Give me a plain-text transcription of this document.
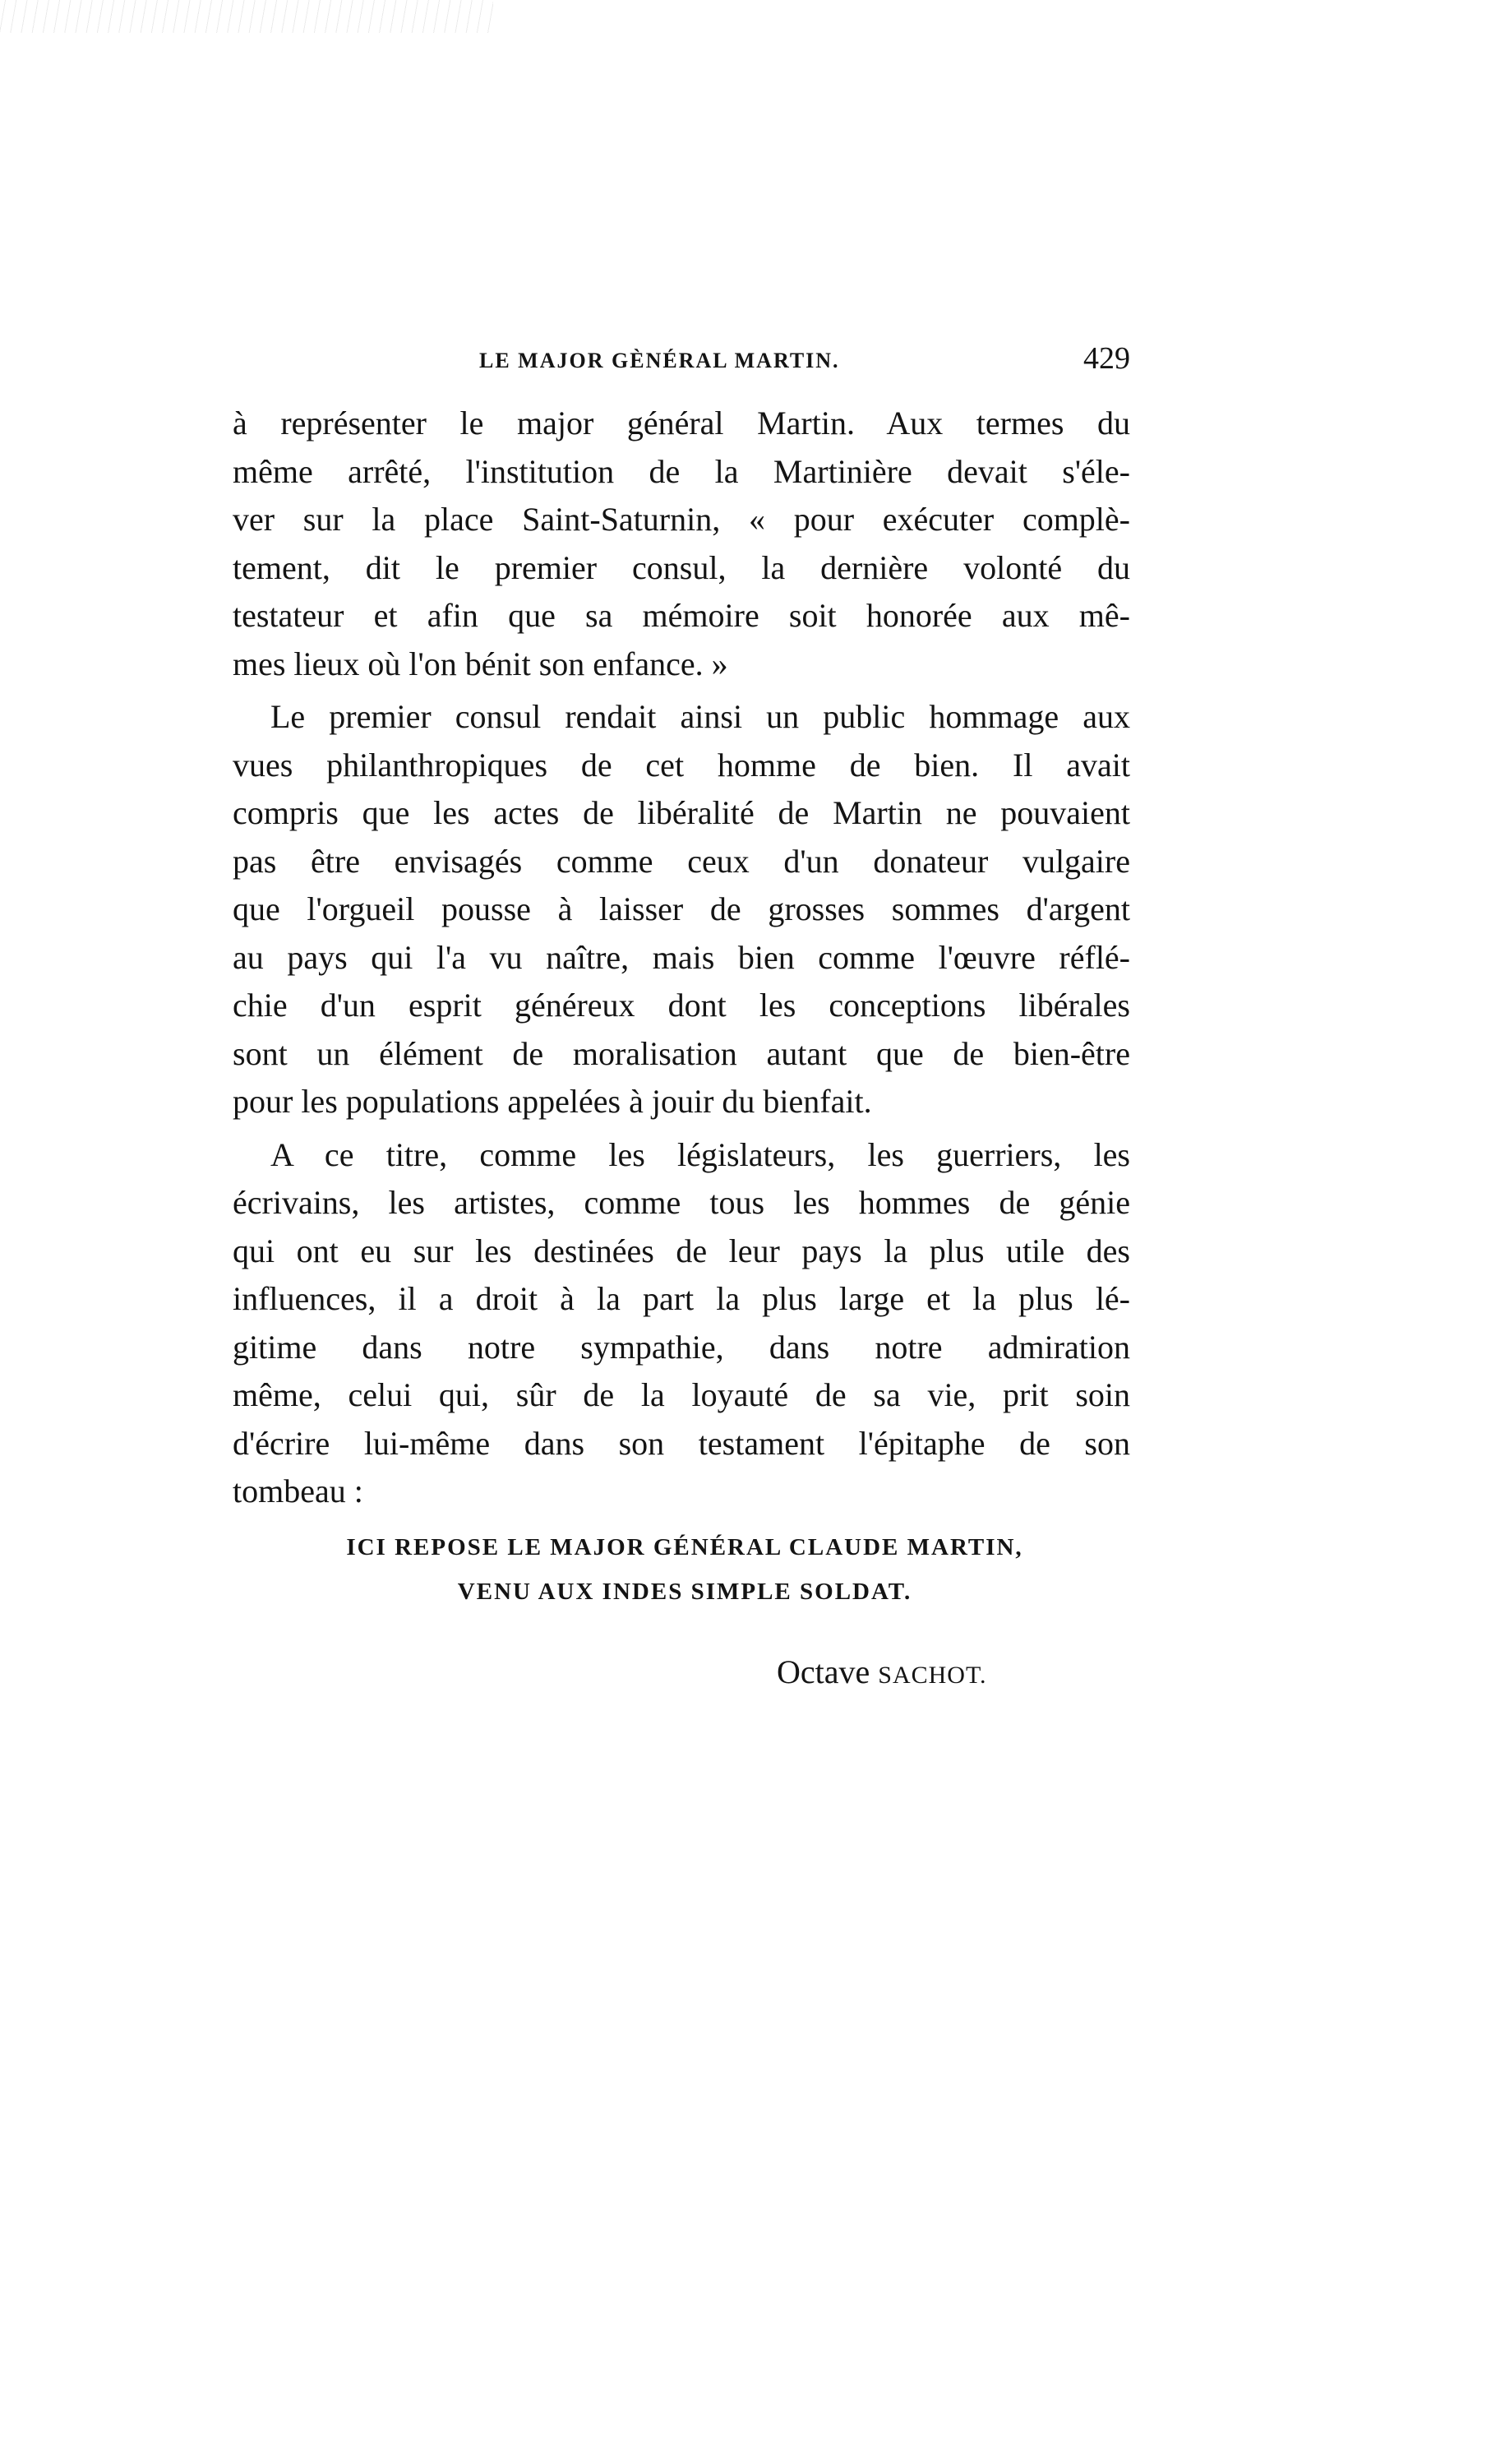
LE MAJOR GÈNÉRAL MARTIN.	429
à représenter le major général Martin. Aux termes du
même arrêté, l'institution de la Martinière devait s'éle-
ver sur la place Saint-Saturnin, « pour exécuter complè-
tement, dit le premier consul, la dernière volonté du
testateur et afin que sa mémoire soit honorée aux mê-
mes lieux où l'on bénit son enfance. »
Le premier consul rendait ainsi un public hommage aux
vues philanthropiques de cet homme de bien. Il avait
compris que les actes de libéralité de Martin ne pouvaient
pas être envisagés comme ceux d'un donateur vulgaire
que l'orgueil pousse à laisser de grosses sommes d'argent
au pays qui l'a vu naître, mais bien comme l'œuvre réflé-
chie d'un esprit généreux dont les conceptions libérales
sont un élément de moralisation autant que de bien-être
pour les populations appelées à jouir du bienfait.
A ce titre, comme les législateurs, les guerriers, les
écrivains, les artistes, comme tous les hommes de génie
qui ont eu sur les destinées de leur pays la plus utile des
influences, il a droit à la part la plus large et la plus lé-
gitime dans notre sympathie, dans notre admiration
même, celui qui, sûr de la loyauté de sa vie, prit soin
d'écrire lui-même dans son testament l'épitaphe de son
tombeau :
ICI REPOSE LE MAJOR GÉNÉRAL CLAUDE MARTIN,
VENU AUX INDES SIMPLE SOLDAT.
Octave SACHOT.
